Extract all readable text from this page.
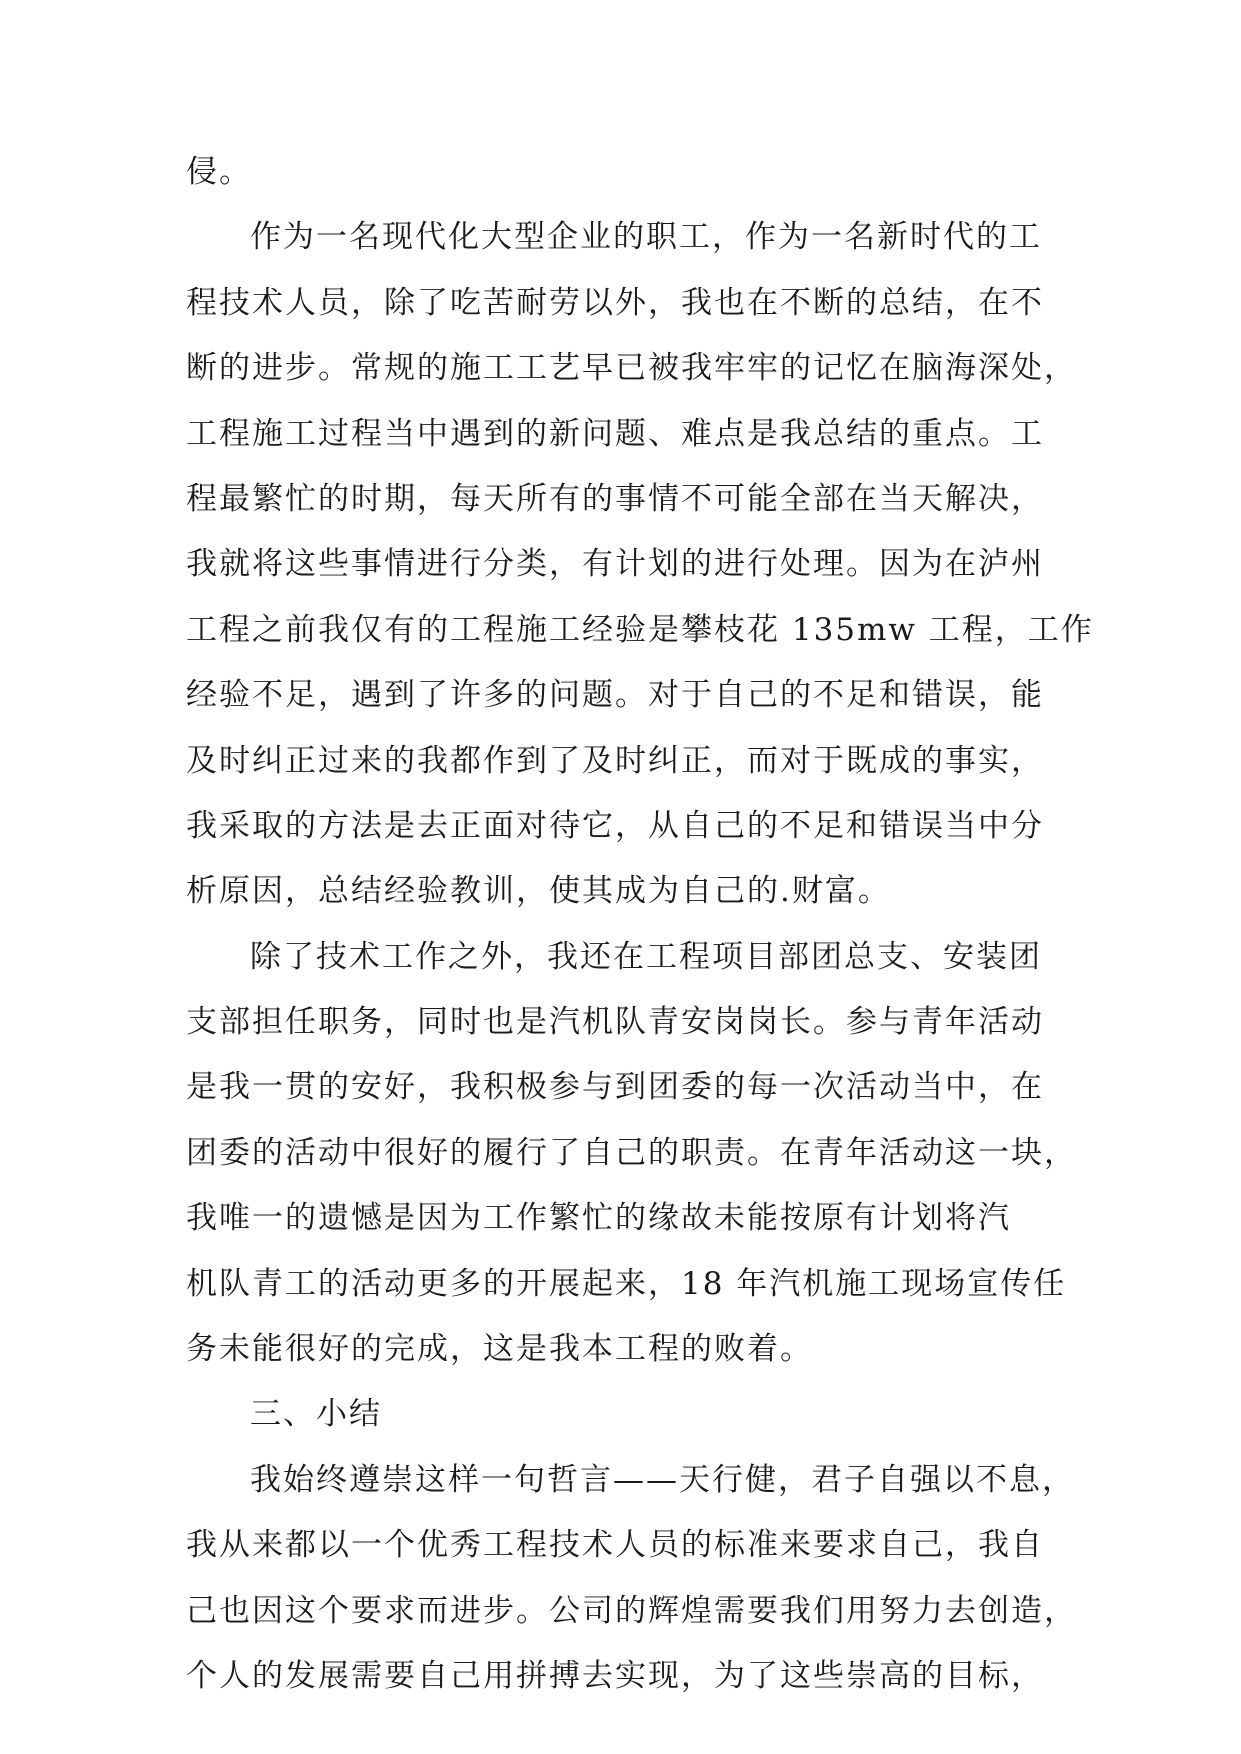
侵。
作为一名现代化大型企业的职工，作为一名新时代的工
程技术人员，除了吃苦耐劳以外，我也在不断的总结，在不
断的进步。常规的施工工艺早已被我牢牢的记忆在脑海深处，
工程施工过程当中遇到的新问题、难点是我总结的重点。工
程最繁忙的时期，每天所有的事情不可能全部在当天解决，
我就将这些事情进行分类，有计划的进行处理。因为在泸州
工程之前我仅有的工程施工经验是攀枝花 135mw 工程，工作
经验不足，遇到了许多的问题。对于自己的不足和错误，能
及时纠正过来的我都作到了及时纠正，而对于既成的事实，
我采取的方法是去正面对待它，从自己的不足和错误当中分
析原因，总结经验教训，使其成为自己的.财富。
除了技术工作之外，我还在工程项目部团总支、安装团
支部担任职务，同时也是汽机队青安岗岗长。参与青年活动
是我一贯的安好，我积极参与到团委的每一次活动当中，在
团委的活动中很好的履行了自己的职责。在青年活动这一块，
我唯一的遗憾是因为工作繁忙的缘故未能按原有计划将汽
机队青工的活动更多的开展起来，18 年汽机施工现场宣传任
务未能很好的完成，这是我本工程的败着。
三、小结
我始终遵崇这样一句哲言——天行健，君子自强以不息，
我从来都以一个优秀工程技术人员的标准来要求自己，我自
己也因这个要求而进步。公司的辉煌需要我们用努力去创造，
个人的发展需要自己用拼搏去实现，为了这些崇高的目标，
